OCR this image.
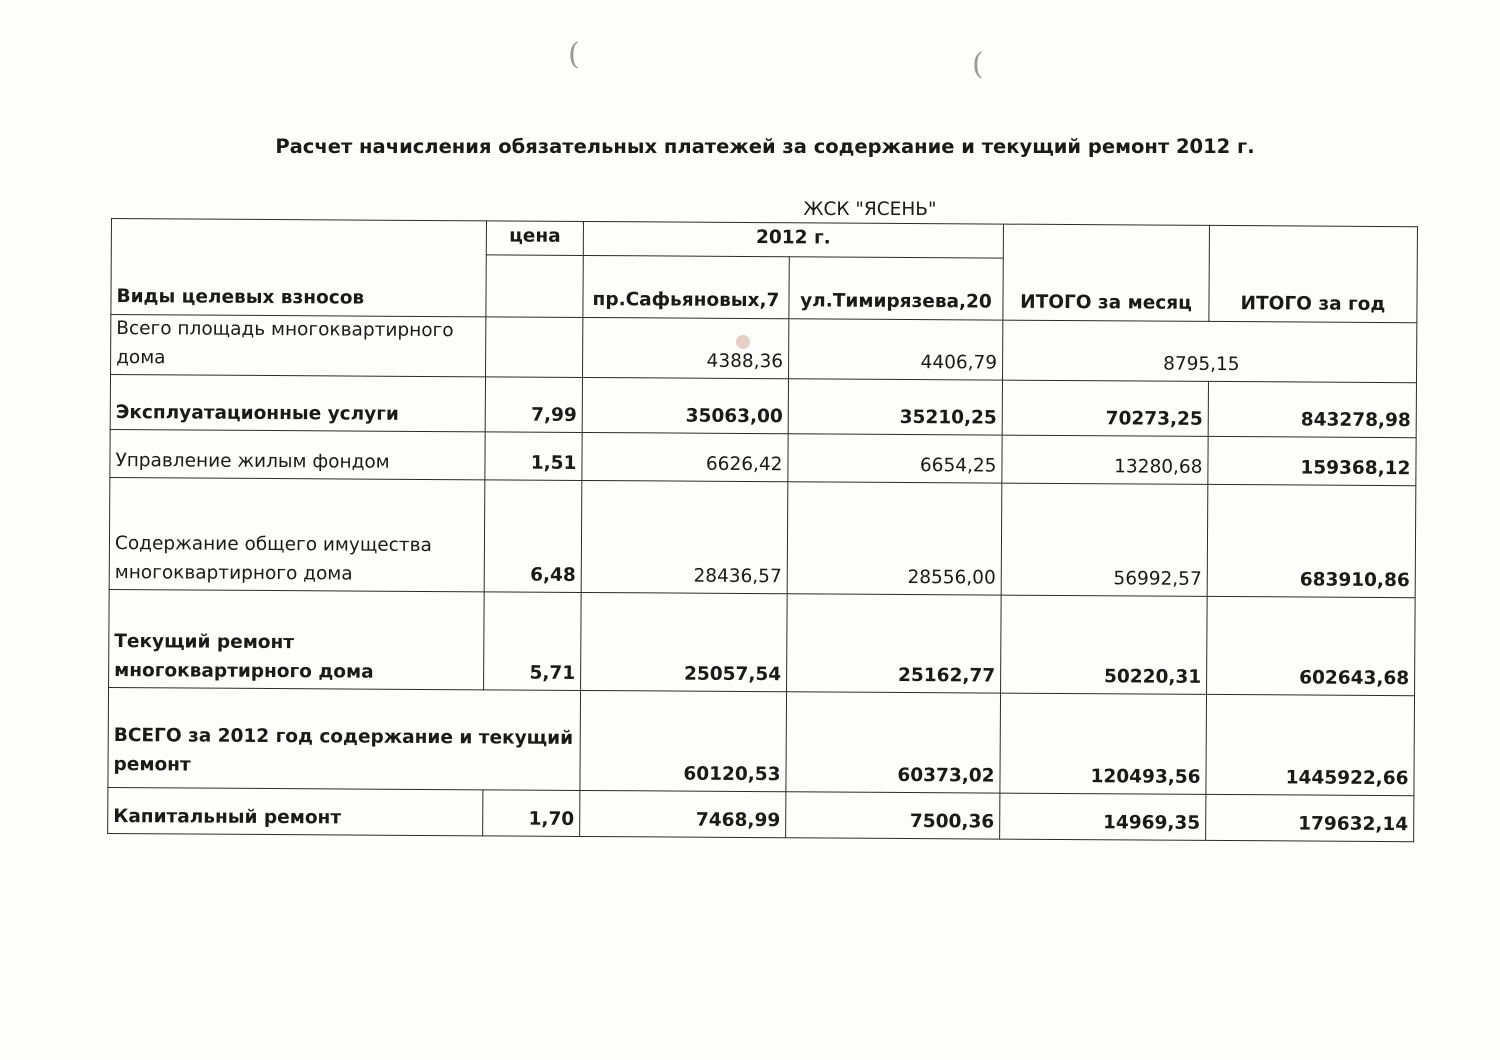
(	(
Расчет начисления обязательных платежей за содержание и текущий ремонт 2012 г.
ЖСК "ЯСЕНЬ"
Виды целевых взносов	цена	2012 г.		ИТОГО за месяц	ИТОГО за год
		пр.Сафьяновых,7	ул.Тимирязева,20		
Всего площадь многоквартирного дома		4388,36	4406,79	8795,15	
Эксплуатационные услуги	7,99	35063,00	35210,25	70273,25	843278,98
Управление жилым фондом	1,51	6626,42	6654,25	13280,68	159368,12
Содержание общего имущества многоквартирного дома	6,48	28436,57	28556,00	56992,57	683910,86
Текущий ремонт многоквартирного дома	5,71	25057,54	25162,77	50220,31	602643,68
ВСЕГО за 2012 год содержание и текущий ремонт		60120,53	60373,02	120493,56	1445922,66
Капитальный ремонт	1,70	7468,99	7500,36	14969,35	179632,14
